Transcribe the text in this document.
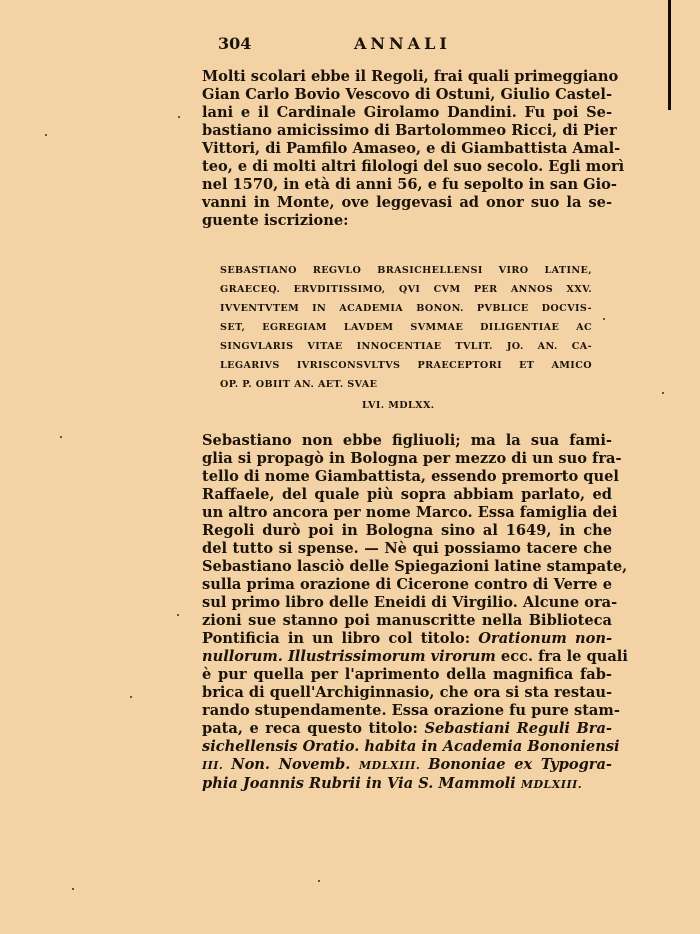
304	ANNALI
Molti scolari ebbe il Regoli, frai quali primeggiano
Gian Carlo Bovio Vescovo di Ostuni, Giulio Castel-
lani e il Cardinale Girolamo Dandini. Fu poi Se-
bastiano amicissimo di Bartolommeo Ricci, di Pier
Vittori, di Pamfilo Amaseo, e di Giambattista Amal-
teo, e di molti altri filologi del suo secolo. Egli morì
nel 1570, in età di anni 56, e fu sepolto in san Gio-
vanni in Monte, ove leggevasi ad onor suo la se-
guente iscrizione:
SEBASTIANO REGVLO BRASICHELLENSI VIRO LATINE,
GRAECEQ. ERVDITISSIMO, QVI CVM PER ANNOS XXV.
IVVENTVTEM IN ACADEMIA BONON. PVBLICE DOCVIS-
SET, EGREGIAM LAVDEM SVMMAE DILIGENTIAE AC
SINGVLARIS VITAE INNOCENTIAE TVLIT. JO. AN. CA-
LEGARIVS IVRISCONSVLTVS PRAECEPTORI ET AMICO
OP. P. OBIIT AN. AET. SVAE
LVI. MDLXX.
Sebastiano non ebbe figliuoli; ma la sua fami-
glia si propagò in Bologna per mezzo di un suo fra-
tello di nome Giambattista, essendo premorto quel
Raffaele, del quale più sopra abbiam parlato, ed
un altro ancora per nome Marco. Essa famiglia dei
Regoli durò poi in Bologna sino al 1649, in che
del tutto si spense. — Nè qui possiamo tacere che
Sebastiano lasciò delle Spiegazioni latine stampate,
sulla prima orazione di Cicerone contro di Verre e
sul primo libro delle Eneidi di Virgilio. Alcune ora-
zioni sue stanno poi manuscritte nella Biblioteca
Pontificia in un libro col titolo: Orationum non-
nullorum. Illustrissimorum virorum ecc. fra le quali
è pur quella per l'aprimento della magnifica fab-
brica di quell'Archiginnasio, che ora si sta restau-
rando stupendamente. Essa orazione fu pure stam-
pata, e reca questo titolo: Sebastiani Reguli Bra-
sichellensis Oratio. habita in Academia Bononiensi
III. Non. Novemb. MDLXIII. Bononiae ex Typogra-
phia Joannis Rubrii in Via S. Mammoli MDLXIII.
